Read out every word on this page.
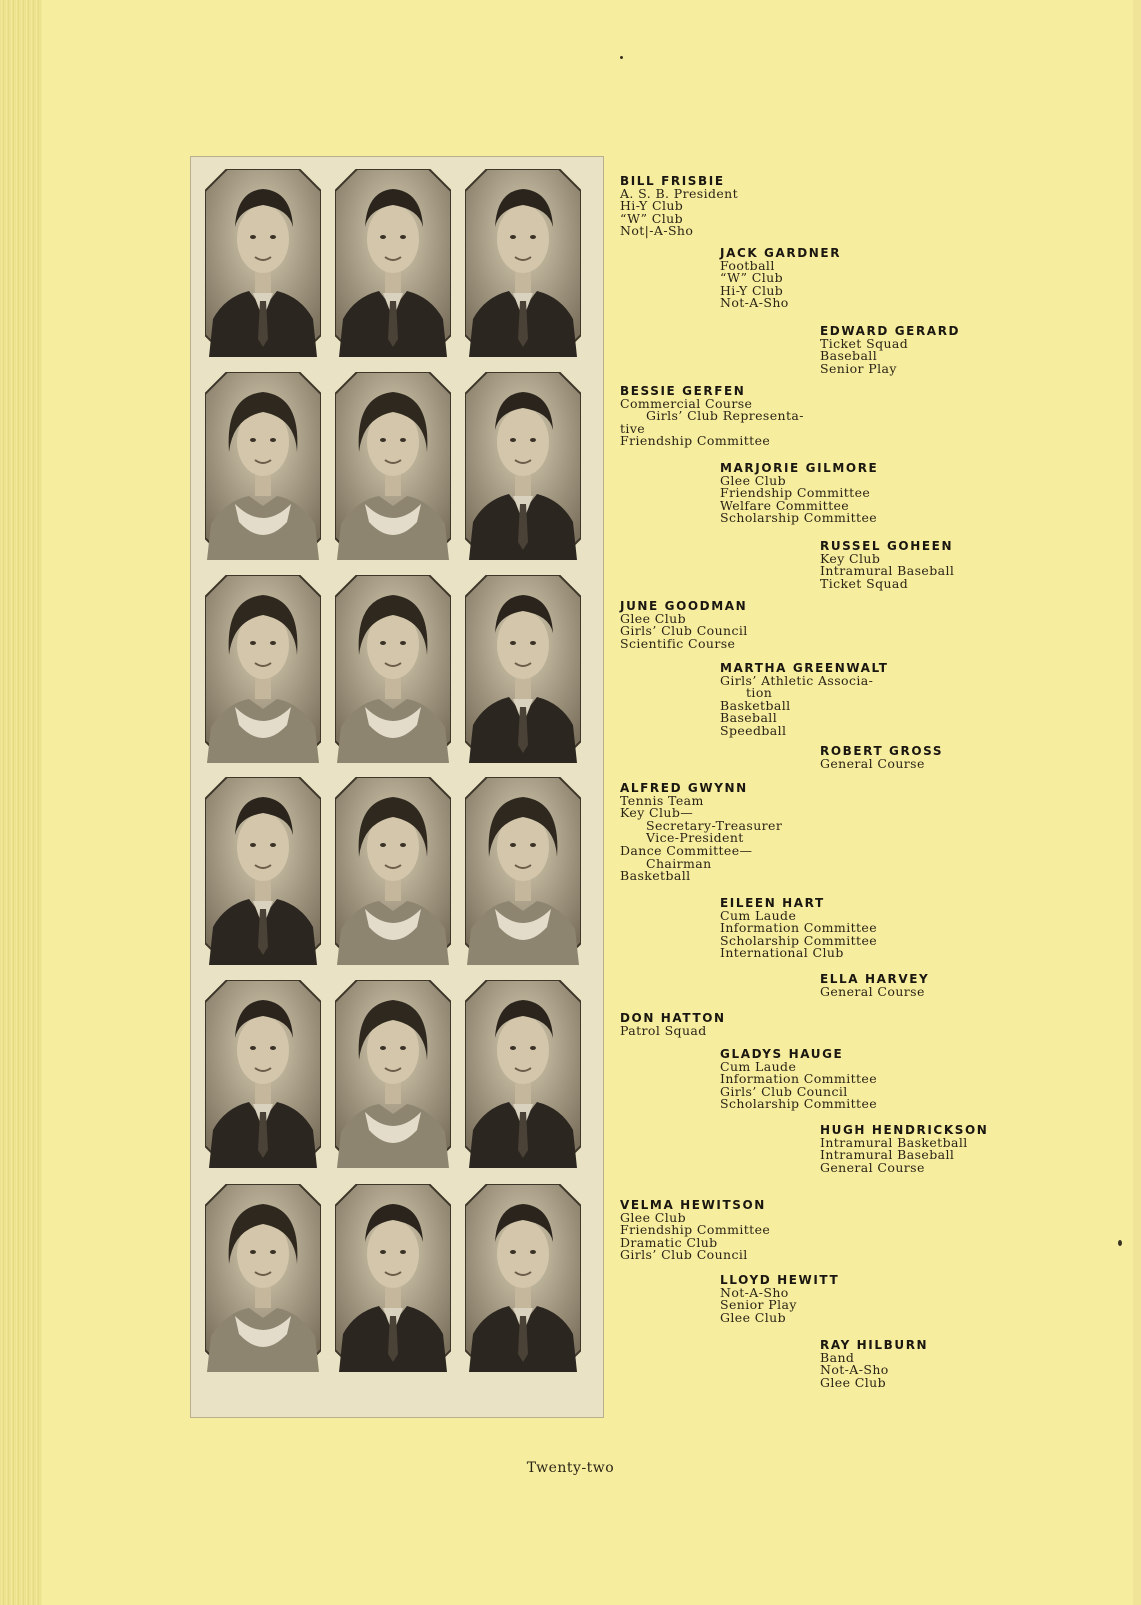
BILL FRISBIE
A. S. B. President
Hi-Y Club
“W” Club
Not|-A-Sho
JACK GARDNER
Football
“W” Club
Hi-Y Club
Not-A-Sho
EDWARD GERARD
Ticket Squad
Baseball
Senior Play
BESSIE GERFEN
Commercial Course
Girls’ Club Representa-
tive
Friendship Committee
MARJORIE GILMORE
Glee Club
Friendship Committee
Welfare Committee
Scholarship Committee
RUSSEL GOHEEN
Key Club
Intramural Baseball
Ticket Squad
JUNE GOODMAN
Glee Club
Girls’ Club Council
Scientific Course
MARTHA GREENWALT
Girls’ Athletic Associa-
tion
Basketball
Baseball
Speedball
ROBERT GROSS
General Course
ALFRED GWYNN
Tennis Team
Key Club—
Secretary-Treasurer
Vice-President
Dance Committee—
Chairman
Basketball
EILEEN HART
Cum Laude
Information Committee
Scholarship Committee
International Club
ELLA HARVEY
General Course
DON HATTON
Patrol Squad
GLADYS HAUGE
Cum Laude
Information Committee
Girls’ Club Council
Scholarship Committee
HUGH HENDRICKSON
Intramural Basketball
Intramural Baseball
General Course
VELMA HEWITSON
Glee Club
Friendship Committee
Dramatic Club
Girls’ Club Council
LLOYD HEWITT
Not-A-Sho
Senior Play
Glee Club
RAY HILBURN
Band
Not-A-Sho
Glee Club
Twenty-two
